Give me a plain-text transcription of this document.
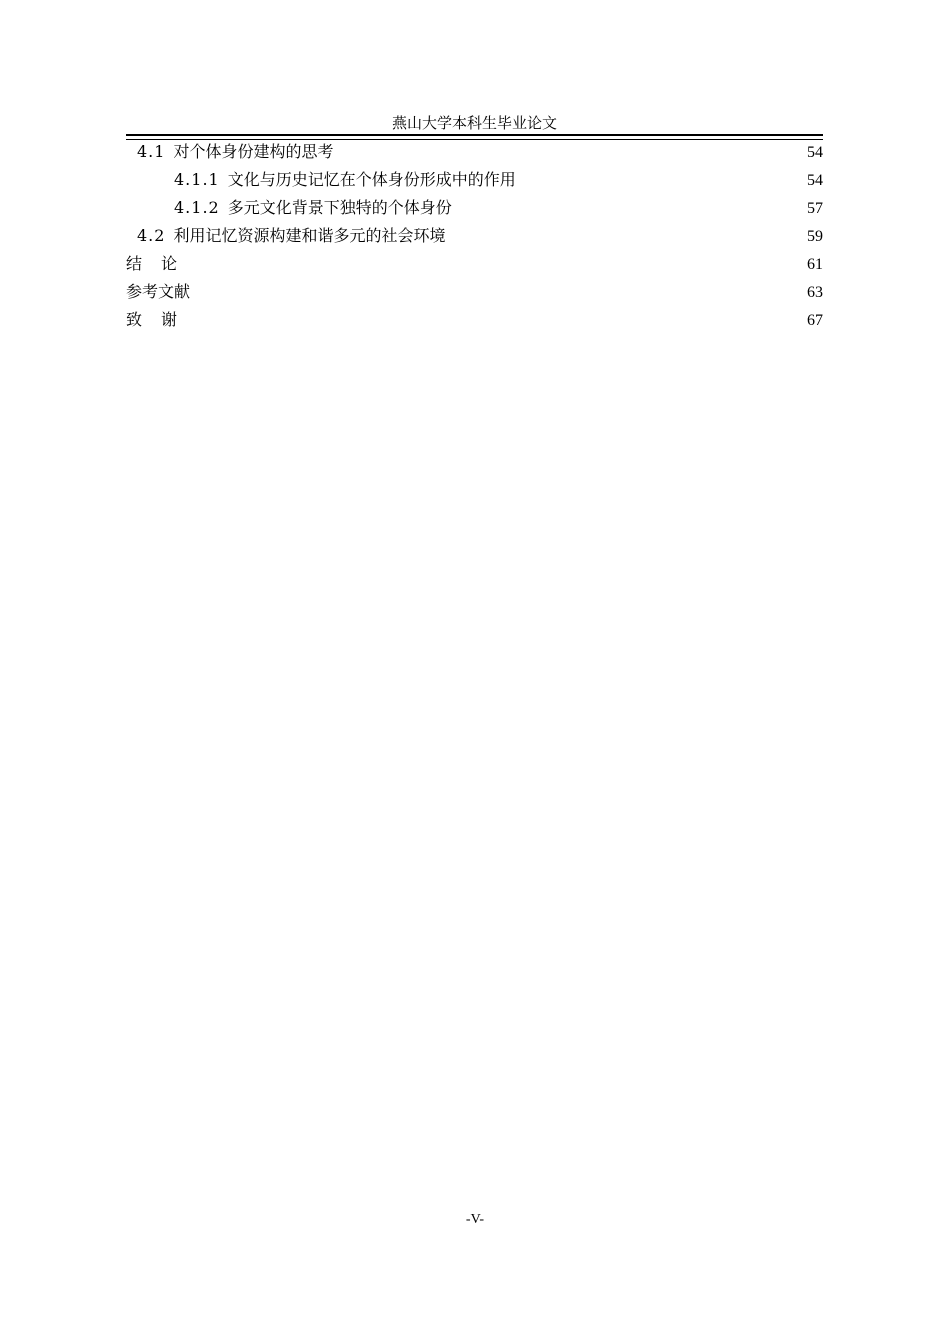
燕山大学本科生毕业论文
4.1 对个体身份建构的思考	54
4.1.1 文化与历史记忆在个体身份形成中的作用	54
4.1.2 多元文化背景下独特的个体身份	57
4.2 利用记忆资源构建和谐多元的社会环境	59
结论	61
参考文献	63
致谢	67
-V-
